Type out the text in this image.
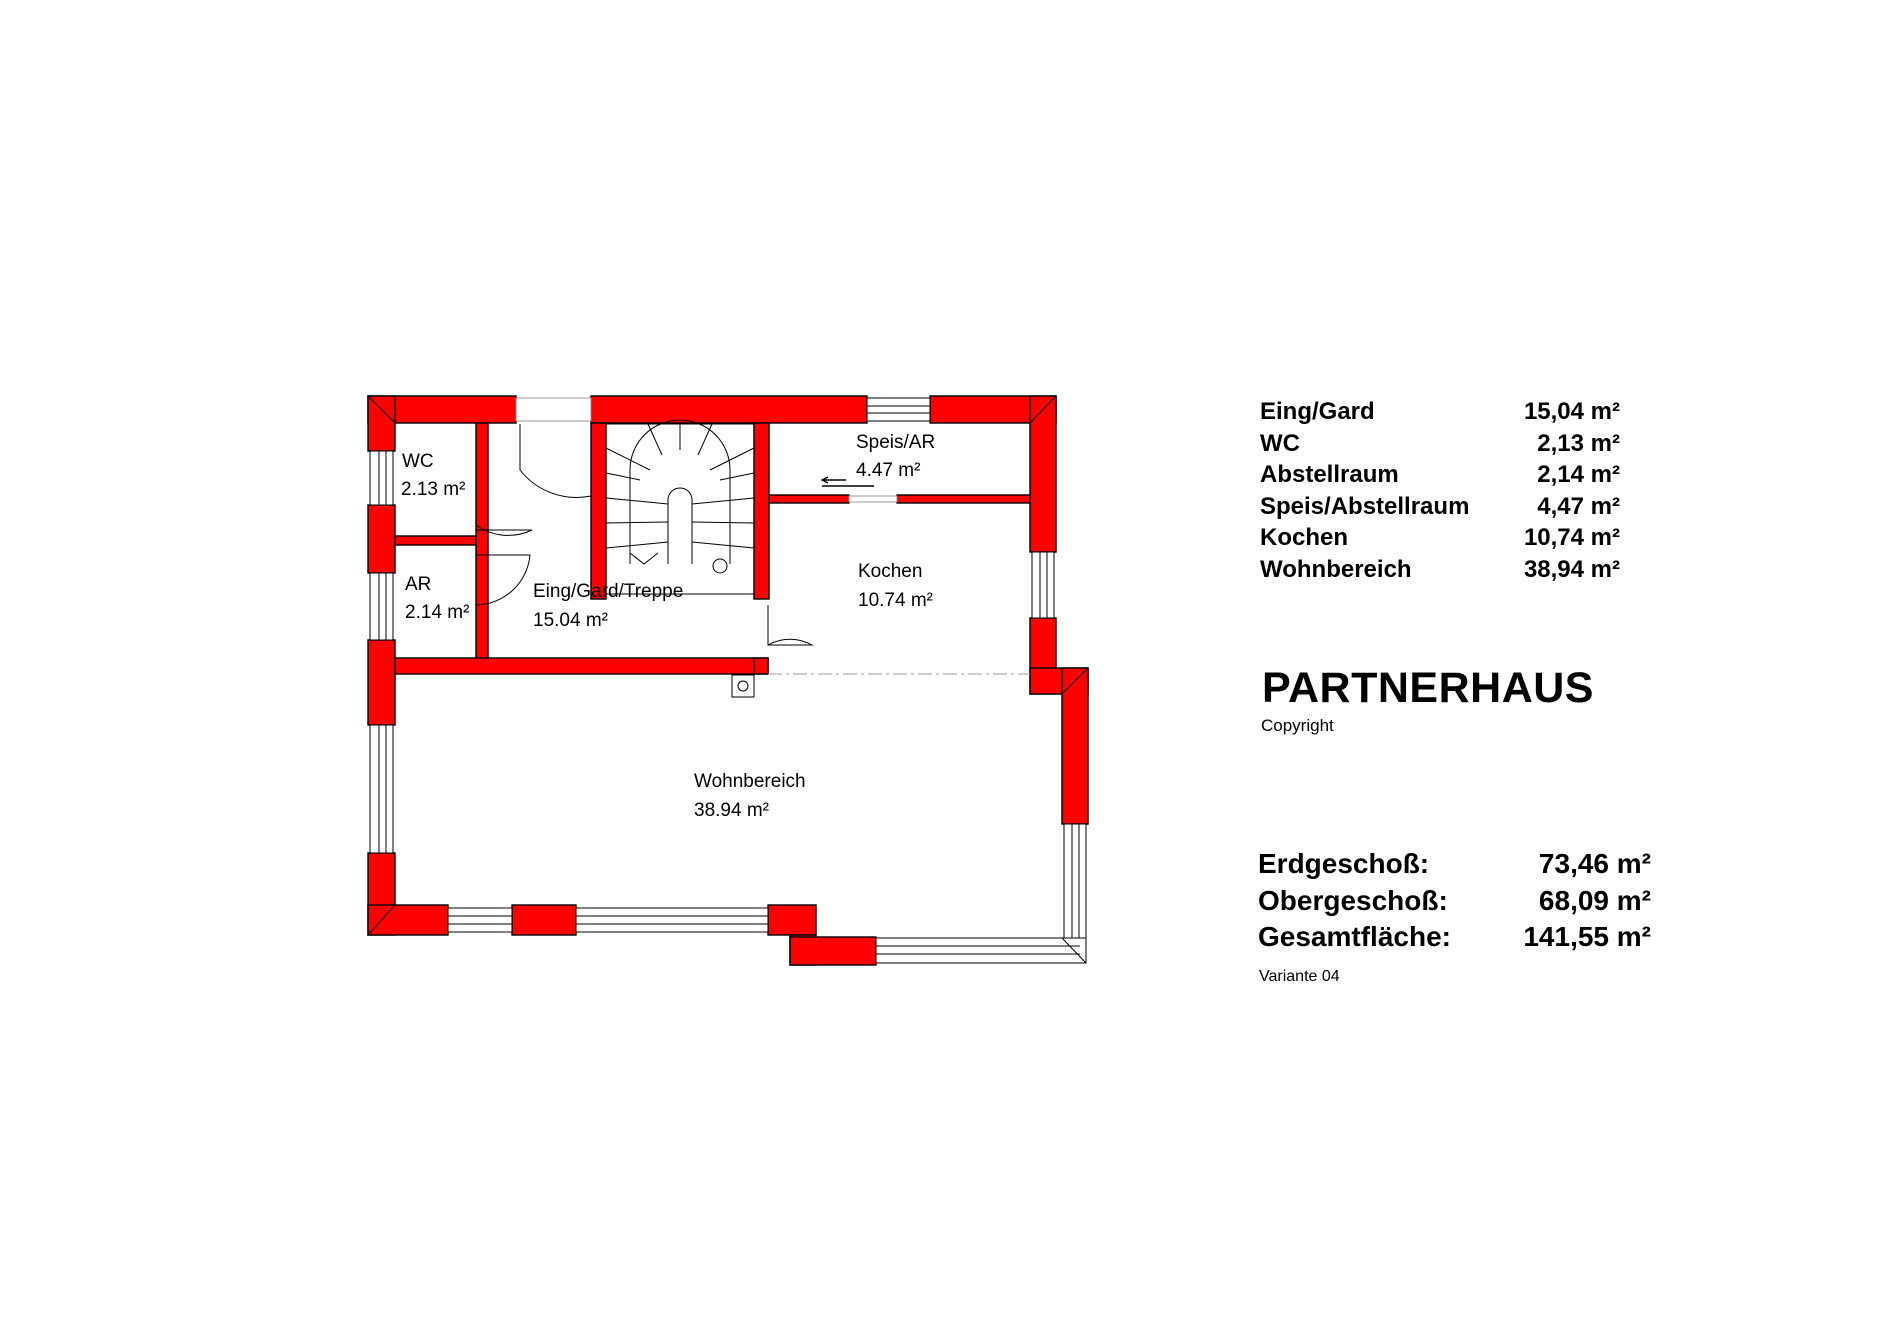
WC
2.13 m²
AR
2.14 m²
Eing/Gard/Treppe
15.04 m²
Speis/AR
4.47 m²
Kochen
10.74 m²
Wohnbereich
38.94 m²
Eing/Gard	15,04 m²
WC	2,13 m²
Abstellraum	2,14 m²
Speis/Abstellraum	4,47 m²
Kochen	10,74 m²
Wohnbereich	38,94 m²
PARTNERHAUS
Copyright
Erdgeschoß:	73,46 m²
Obergeschoß:	68,09 m²
Gesamtfläche:	141,55 m²
Variante 04
